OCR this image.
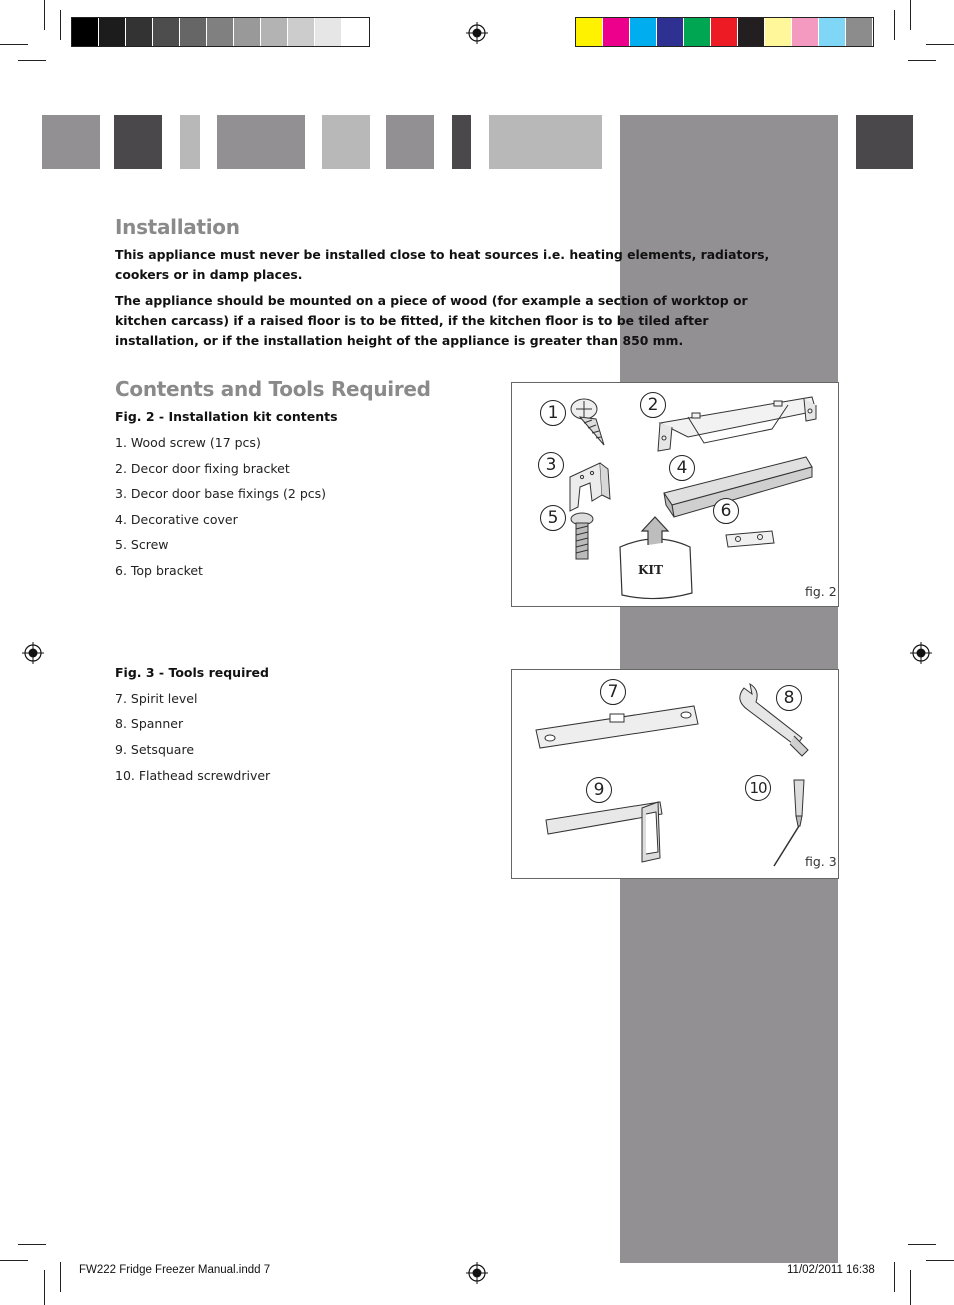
Installation

This appliance must never be installed close to heat sources i.e. heating elements, radiators, cookers or in damp places.

The appliance should be mounted on a piece of wood (for example a section of worktop or kitchen carcass) if a raised floor is to be fitted, if the kitchen floor is to be tiled after installation, or if the installation height of the appliance is greater than 850 mm.

Contents and Tools Required
Fig. 2 - Installation kit contents
1. Wood screw (17 pcs)
2. Decor door fixing bracket
3. Decor door base fixings (2 pcs)
4. Decorative cover
5. Screw
6. Top bracket
Fig. 3 - Tools required
7. Spirit level
8. Spanner
9. Setsquare
10. Flathead screwdriver
KIT
1	2
3	4
5	6
fig. 2
7	8
9	10
fig. 3
FW222 Fridge Freezer Manual.indd 7	11/02/2011 16:38
